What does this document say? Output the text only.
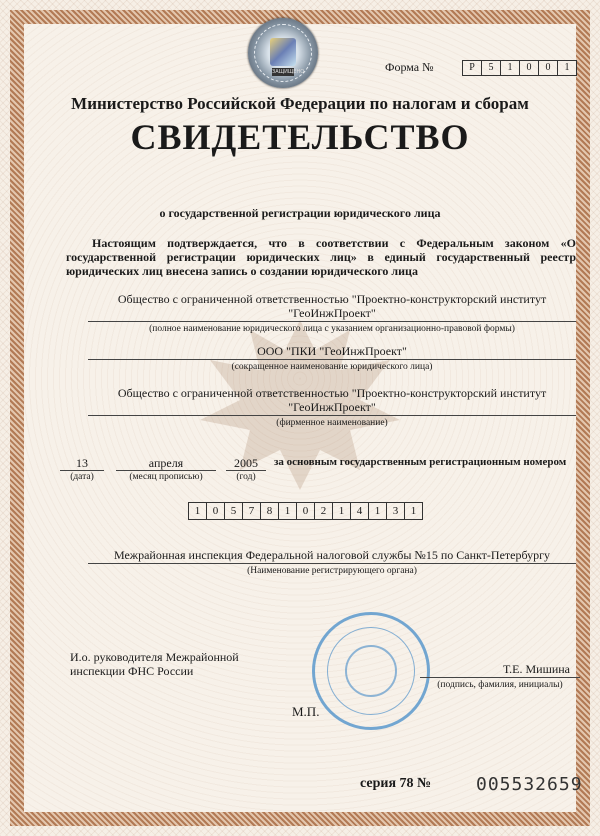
ЗАЩИЩЕНО	Форма №	Р	5	1	0	0	1
Министерство Российской Федерации по налогам и сборам
СВИДЕТЕЛЬСТВО
о государственной регистрации юридического лица
Настоящим подтверждается, что в соответствии с Федеральным законом «О государственной регистрации юридических лиц» в единый государственный реестр юридических лиц внесена запись о создании юридического лица
Общество с ограниченной ответственностью "Проектно-конструкторский институт
"ГеоИнжПроект"
(полное наименование юридического лица с указанием организационно-правовой формы)
ООО "ПКИ "ГеоИнжПроект"
(сокращенное наименование юридического лица)
Общество с ограниченной ответственностью "Проектно-конструкторский институт
"ГеоИнжПроект"
(фирменное наименование)
13
(дата)
апреля
(месяц прописью)
2005
(год)
за основным государственным регистрационным номером
1	0	5	7	8	1	0	2	1	4	1	3	1
Межрайонная инспекция Федеральной налоговой службы №15 по Санкт-Петербургу
(Наименование регистрирующего органа)
И.о. руководителя Межрайонной
инспекции ФНС России	Т.Е. Мишина
(подпись, фамилия, инициалы)
М.П.
серия 78 № 005532659
